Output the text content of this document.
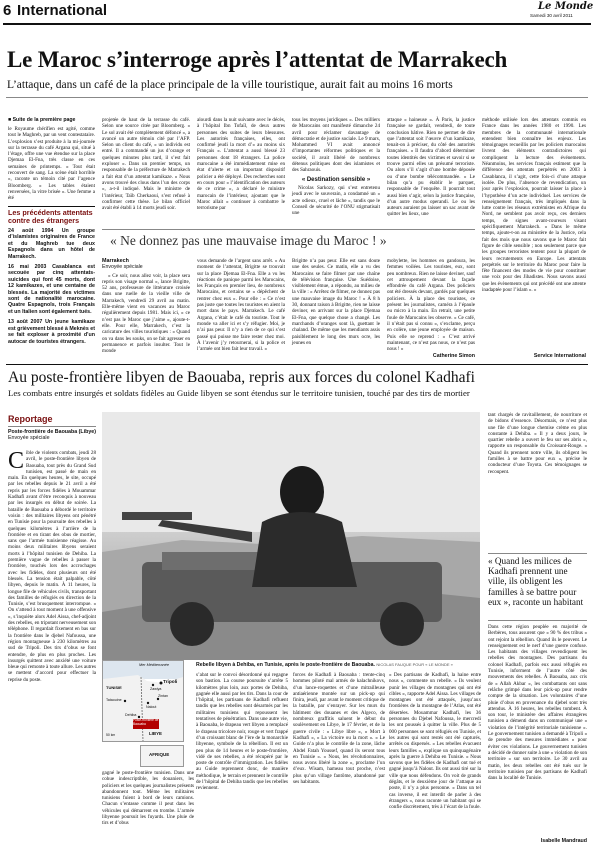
6 International	Le Monde
Samedi 30 avril 2011
Le Maroc s’interroge après l’attentat de Marrakech
L’attaque, dans un café de la place principale de la ville touristique, aurait fait au moins 16 morts
■ Suite de la première page

le Royaume chérifien est agité, comme tout le Maghreb, par un vent contestataire. L’explosion s’est produite à la mi-journée sur la terrasse du café Argana qui, situé à l’étage, offre une vue étendue sur la place Djemaa El-Fna, très classe en ces semaines de printemps. « Tout était recouvert de sang. La scène était horrible », raconte un témoin cité par l’agence Bloomberg. « Les tables étaient renversées, la vitre brisée ». Une femme a été

Les précédents attentats contre des étrangers

24 août 1994 Un groupe d’islamistes originaires de France et du Maghreb tue deux Espagnols dans un hôtel de Marrakech.

16 mai 2003 Casablanca est secouée par cinq attentats-suicides qui font 45 morts, dont 12 kamikazes, et une centaine de blessés. La majorité des victimes sont de nationalité marocaine. Quatre Espagnols, trois Français et un Italien sont également tués.

13 août 2007 Un jeune kamikaze est grièvement blessé à Meknès et se fait exploser à proximité d’un autocar de touristes étrangers.

projetée de haut de la terrasse du café. Selon une source citée par Bloomberg. « Le sol avait été complètement défoncé », a avancé un autre témoin cité par l’AFP. Selon un client du café, « un individu est entré. Il a commandé un jus d’orange et quelques minutes plus tard, il s’est fait exploser ». Dans un premier temps, un responsable de la préfecture de Marrakech a fait état d’un attentat kamikaze. « Nous avons trouvé des clous dans l’un des corps », a-t-il indiqué. Mais le ministre de l’intérieur, Taïb Cherkaoui, s’est refusé à confirmer cette thèse. Le bilan officiel avait été établi à 14 morts jeudi soir.

alourdi dans la nuit suivante avec le décès, à l’hôpital Ibn Tofaïl, de deux autres personnes des suites de leurs blessures. Les autorités françaises, elles, ont confirmé jeudi la mort d’« au moins six Français ». L’attentat a aussi blessé 23 personnes dont 18 étrangers. La police marocaine a été immédiatement mise en état d’alerte et un important dispositif policier a été déployé. Des recherches sont en cours pour « l’identification des auteurs de ce crime », a déclaré le ministre marocain de l’intérieur, ajoutant que le Maroc allait « continuer à combattre le terrorisme par

tous les moyens juridiques ». Des milliers de Marocains ont manifesté dimanche 24 avril pour réclamer davantage de démocratie et de justice sociale. Le 9 mars, Mohammed VI avait annoncé d’importantes réformes politiques et la société, il avait libéré de nombreux détenus politiques dont des islamistes et des Sahraouis.

« Destination sensible »

Nicolas Sarkozy, qui s’est entretenu jeudi avec le souverain, a condamné un « acte odieux, cruel et lâche », tandis que le Conseil de sécurité de l’ONU stigmatisait une

attaque « haineuse ». À Paris, la justice française se gardait, vendredi, de toute conclusion hâtive. Rien ne permet de dire que l’attentat soit l’œuvre d’un kamikaze, tenait-on à préciser, du côté des autorités françaises. « Il faudra d’abord déterminer toutes identités des victimes et savoir si se trouve parmi elles un présumé terroriste. Ou alors s’il s’agit d’une bombe déposée ou d’une bombe télécommandée. » Le bilan qu’a pu établir le parquet, responsable de l’enquête. Il pourrait tout aussi bien s’agir, selon la justice française, d’un autre modus operandi. Le ou les auteurs auraient pu laisser un sac avant de quitter les lieux, une

méthode utilisée lors des attentats commis en France dans les années 1980 et 1990. Les membres de la communauté internationale entendent bien connaître les enjeux. Les témoignages recueillis par les policiers marocains livrent des éléments contradictoires qui compliquent la lecture des événements. Néanmoins, les services français estiment que la différence des attentats perpétrés en 2003 à Casablanca, il s’agit, cette fois-ci d’une attaque isolée. De plus, l’absence de revendication, un jour après l’explosion, pourrait laisser la place à l’hypothèse d’un acte individuel. Les services de renseignement français, très impliqués dans la lutte contre les réseaux extrémistes en Afrique du Nord, ne semblent pas avoir reçu, ces derniers temps, de signes avant-coureurs visant spécifiquement Marrakech. « Dans le même temps, ajoute-t-on au ministère de la Justice, cela fait des mois que nous savons que le Maroc fait figure de cible sensible ; non seulement parce que les groupes terroristes tentent pour la plupart de leurs recrutements en Europe. Les attentats perpétrés sur le territoire du Maroc pour faire la fête financent des modes de vie pour constituer une voix pour des Jihadistes. Nous savons aussi que les évènements qui ont précédé ont une attente inadaptée pour l’islam ». »

Service International
« Ne donnez pas une mauvaise image du Maroc ! »
Marrakech
Envoyée spéciale

« Ce soir, nous allez voir, la place sera repris son visage normal », lance Brigitte, 52 ans, professeure de littérature croisée dans une ruelle de la vieille ville de Marrakech, vendredi 29 avril au matin. Elle-même vient en vacances au Maroc régulièrement depuis 1981. Mais ici, « ce n’est pas le Maroc que j’aime », ajoute-t-elle. Pour elle, Marrakech, c’est la caricature des villes touristiques : « Quand on va dans les souks, on se fait agresser en permanence et parfois insulter. Tout le monde

vous demande de l’argent sans arrêt. » Au moment de l’attentat, Brigitte se trouvait sur la place Djemaa El-Fna. Elle a vu les réactions de panique parmi les Marocains, les Français en premier lieu, de nombreux Marocains, et certains se « dépêchent de rentrer chez eux ». Pour elle : « Ce n’est pas juste que toutes les touristes en aient la mort dans le pays. Marrakech. Le café Argana, c’était le café du touriste. Tout le monde va aller ici et s’y réfugier. Moi, je n’ai pas peur. Il n’y a rien de ce qui s’est passé qui puisse me faire rester chez moi. À l’avenir j’y retournerai, si la police et l’armée ont bien fait leur travail. »

Brigitte n’a pas peur. Elle est sans doute une des seules. Ce matin, elle a vu des Marocains se faire filmer par une chaîne de télévision française. Une Suédoise, visiblement émue, a répondu, au milieu de la ville : « Arrêtez de filmer, ne donnez pas une mauvaise image du Maroc ! » À 8 h 30, donnant raison à Brigitte, rien ne laisse deviner, en arrivant sur la place Djemaa El-Fna, que quelque chose a changé. Les marchands d’oranges sont là, guettant le chaland. De même que les mendiants assis paisiblement le long des murs ocre, les jeunes en

mobylette, les hommes en gandoura, les femmes voilées. Les touristes, eux, sont peu nombreux. Rien ne laisse deviner, sauf cet attroupement devant la façade effondrée du café Argana. Des policiers ont été dressés devant, gardés par quelques policiers. À la place des touristes, ce présent les journalistes, caméra à l’épaule ou micro à la main. En retrait, une petite foule de Marocains les observe. « Ce café, il n’était pas si connu », s’exclame, perçu en colère, une jeune employée de maison. Puis elle se reprend : « C’est arrivé maintenant, ce n’est pas nous, ce n’est pas nous ! »

Catherine Simon
Au poste-frontière libyen de Baouaba, repris aux forces du colonel Kadhafi
Les combats entre insurgés et soldats fidèles au Guide libyen se sont étendus sur le territoire tunisien, touché par des tirs de mortier
Reportage
Poste-frontière de Baouaba (Libye)
Envoyée spéciale
C ible de violents combats, jeudi 28 avril, le poste-frontière libyen de Baouaba, tout près du Grand Sud tunisien, est passé de main en main. En quelques heures, le site, occupé par les rebelles depuis le 21 avril a été repris par les forces fidèles à Mouammar Kadhafi avant d’être reconquis à nouveau par les insurgés en début de soirée. La bataille de Baouaba a débordé le territoire voisin : des militaires libyens ont pénétré en Tunisie pour la poursuite des rebelles à quelques kilomètres à l’arrière de la frontière et en tirant des obus de mortier, sans que l’armée tunisienne réagisse. Au moins deux militaires libyens seraient morts à l’hôpital tunisien de Dehiba. La première vague de rebelles à passer la frontière, touchés lors des accrochages avec les fidèles, dont plusieurs ont été blessés. La tension était palpable, côté libyen, depuis le matin. À 11 heures, la longue file de véhicules civils, transportant des familles de réfugiés en direction de la Tunisie, s’est brusquement interrompue. « On s’attend à tout moment à une offensive », s’inquiète alors Adel Aissa, chef-adjoint des rebelles, en tripotant nerveusement son téléphone. Il regardait fixement en bas sur la frontière dans le djebel Nafoussa, une région montagneuse à 230 kilomètres au sud de Tripoli. Des tirs d’obus se font entendre, de plus en plus proches. Les insurgés quittent avec anxiété une voiture bleue qui remonte à toute allure. Les autres se mettent d’accord pour effectuer la reprise du poste.
Mer Méditerranée
Tripoli
Zawiya
Tataouine
Dehiba
Nalout
Zintan
TUNISIE
LIBYE
Poste-frontière de Baouaba
50 km
AFRIQUE
Rebelle libyen à Dehiba, en Tunisie, après le poste-frontière de Baouaba. NICOLAS FAUQUE POUR « LE MONDE »

s’abat sur le convoi désordonné qui regagne son bastion. La course poursuite s’arrête 5 kilomètres plus loin, aux portes de Dehiba, gagnée elle aussi par les tirs. Dans la cour de l’hôpital, les partisans de Kadhafi refluent tandis que les rebelles sont désarmés par les militaires tunisiens qui repoussent les tentatives de pénétration. Dans une autre vie, à Baouaba, le drapeau vert libyen a remplacé le drapeau tricolore noir, rouge et vert frappé d’un croissant blanc de l’ère de la monarchie libyenne, symbole de la rébellion. Il est un peu plus de 14 heures et le poste-frontière, vidé de ses rebelles, a été récupéré par le poste de contrôle d’immigration. Les fidèles au Guide reprennent donc, de manière méthodique, le terrain et prennent le contrôle de l’hôpital de Dehiba tandis que les rebelles reviennent.

gagné le poste-frontière tunisien. Dans une cohue indescriptible, les douaniers, les policiers et les quelques journalistes présents abandonnent tout. Même les militaires tunisiens fuient à bord de leurs camions. Chacun s’entasse comme il peut dans les véhicules qui démarrent en trombe. L’armée libyenne poursuit les fuyards. Une pluie de tirs et d’obus

forces de Kadhafi à Baouaba : trente-cinq hommes piloté mal armés de kalachnikovs, d’un lance-roquettes et d’une mitrailleuse antiaérienne montée sur un pick-up qui finira, jeudi, par avant le moment critique de la bataille, par s’enrayer. Sur les murs du bâtiment des douanes et des Algeco, de nombreux graffitis saluent le début du soulèvement en Libye, le 17 février, et de la guerre civile : « Libye libre », « Mort à Kadhafi », « La victoire ou la mort ». « Le Guide n’a plus le contrôle de la zone, lâche Abdel Fatah Youssef, quand ils seront tous en Tunisie ». « Nous, les révolutionnaires, nous avons libéré la zone », proclame l’un d’eux. Wisam, hameau tout proche, n’est plus qu’un village fantôme, abandonné par ses habitants.

« Des partisans de Kadhafi, la haine entre nous », commente un rebelle. « Ils veulent punir les villages de montagnes qui ont été cibles », rapporte Adel Aissa. Les villages de montagnes ont été attaqués, jusqu’aux frontières de la montagne de l’Atlas, ont été désertées. Mouammar Kadhafi, les 36 personnes du Djebel Nafoussa, le mercredi les ont poussés à quitter la ville. Plus de 5 000 personnes se sont réfugiés en Tunisie, et les autres qui sont restés ont été capturés, arrêtés ou dispersés. « Les rebelles évacuent leurs familles », explique un quinquagénaire après la guerre à Dehiba en Tunisie. « Nous savons que les fidèles de Kadhafi ont tué et gagné jusqu’à Nalout. Ils ont aussi tiré sur la ville que nous défendons. On voit de grands dégâts, et le deuxième jour de l’attaque au poste, il n’y a plus personne. » Dans un tel cas inverse, il est interdit de parler à des étrangers », nous raconte un habitant qui se confie discrètement, très à l’écart de la foule.

tant chargés de ravitaillement, de nourriture et de bidons d’essence. Désormais, ce n’est plus une file d’une longue chemise crème en plus constante à Dehiba. « Il y a deux jours, le quartier rebelle a ouvert le feu sur ses abris », rapporte un responsable du Croissant-Rouge. « Quand ils prennent notre ville, ils obligent les familles à se battre pour eux », précise le conducteur d’une Toyota. Ces témoignages se recoupent.

« Quand les milices de Kadhafi prennent une ville, ils obligent les familles à se battre pour eux », raconte un habitant

Dans cette région peuplée en majorité de Berbères, tous assurent que « 90 % des tribus » ont rejoint la rébellion. Quand ils le peuvent. Le renseignement est le nerf d’une guerre confuse. Les habitants des villages revendiquent les rebelles des montagnes. Des partisans du colonel Kadhafi, parfois eux aussi réfugiés en Tunisie, informent de l’autre côté des mouvements des rebelles. À Baouaba, aux cris de « Allah Akbar », les combattants ont sans relâche grimpé dans leur pick-up pour rendre compte de la situation. Les volontaires d’une pluie d’obus en provenance du djebel sont très attendus. À 16 heures, les rebelles tombent. À son tour, le ministère des affaires étrangères tunisien a démenti dans un communiqué une « violation de l’intégrité territoriale tunisienne ». Le gouvernement tunisien a demandé à Tripoli « de prendre des mesures immédiates » pour éviter ces violations. Le gouvernement tunisien a décidé de donner suite à une « violation de son territoire » sur son territoire. Le 30 avril au matin, les deux rebelles ont été tués sur le territoire tunisien par des partisans de Kadhafi dans la localité de Tunisie.

Isabelle Mandraud
